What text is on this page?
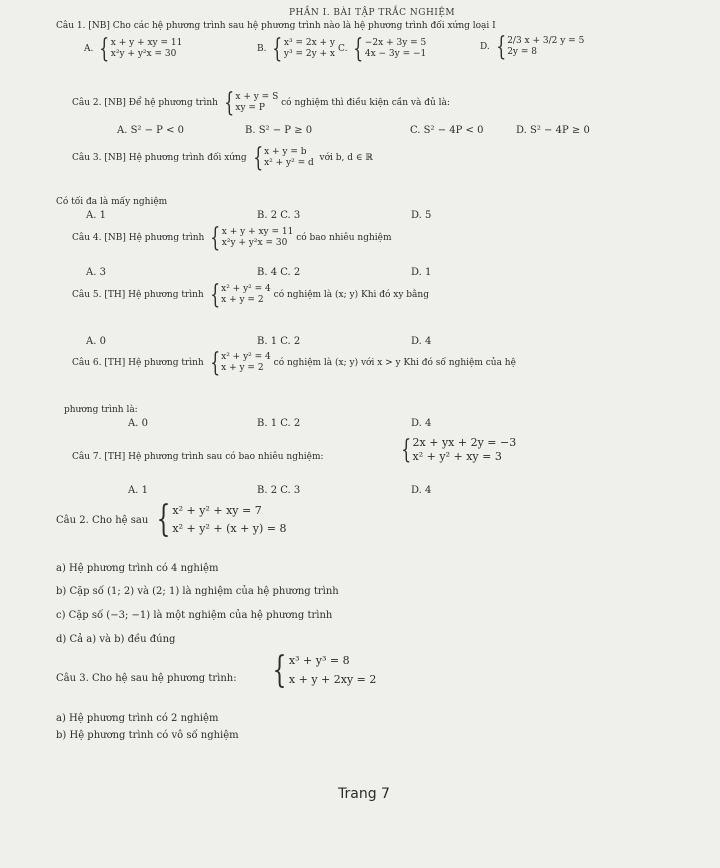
PHẦN I. BÀI TẬP TRẮC NGHIỆM
Câu 1. [NB] Cho các hệ phương trình sau hệ phương trình nào là hệ phương trình đối xứng loại I
A.
{ x + y + xy = 11
x²y + y²x = 30	B.
{ x³ = 2x + y
y³ = 2y + x C.
{ −2x + 3y = 5
4x − 3y = −1
D.
{ 2/3 x + 3/2 y = 5
2y = 8
Câu 2. [NB] Để hệ phương trình
{ x + y = S
xy = P
	có nghiệm thì điều kiện cần và đủ là:
A. S² − P < 0	B. S² − P ≥ 0	C. S² − 4P < 0	D. S² − 4P ≥ 0
Câu 3. [NB] Hệ phương trình đối xứng
{ x + y = b
x² + y² = d
với b, d ∈ ℝ
Có tối đa là mấy nghiệm
A. 1	B. 2 C. 3	D. 5
Câu 4. [NB] Hệ phương trình
{ x + y + xy = 11
x²y + y²x = 30
có bao nhiêu nghiệm
A. 3	B. 4 C. 2	D. 1
Câu 5. [TH] Hệ phương trình
{ x² + y² = 4
x + y = 2
	có nghiệm là (x; y) Khi đó xy bằng
A. 0	B. 1 C. 2	D. 4
Câu 6. [TH] Hệ phương trình
{ x² + y² = 4
x + y = 2
	có nghiệm là (x; y) với x > y Khi đó số nghiệm của hệ
phương trình là:
A. 0	B. 1 C. 2	D. 4
Câu 7. [TH] Hệ phương trình sau có bao nhiêu nghiệm:	{ 2x + yx + 2y = −3
x² + y² + xy = 3
A. 1	B. 2 C. 3	D. 4
Câu 2. Cho hệ sau
{ x² + y² + xy = 7
x² + y² + (x + y) = 8
a) Hệ phương trình có 4 nghiệm
b) Cặp số (1; 2) và (2; 1) là nghiệm của hệ phương trình
c) Cặp số (−3; −1) là một nghiệm của hệ phương trình
d) Cả a) và b) đều đúng
Câu 3. Cho hệ sau hệ phương trình: { x³ + y³ = 8
x + y + 2xy = 2
a) Hệ phương trình có 2 nghiệm
b) Hệ phương trình có vô số nghiệm
Trang 7
